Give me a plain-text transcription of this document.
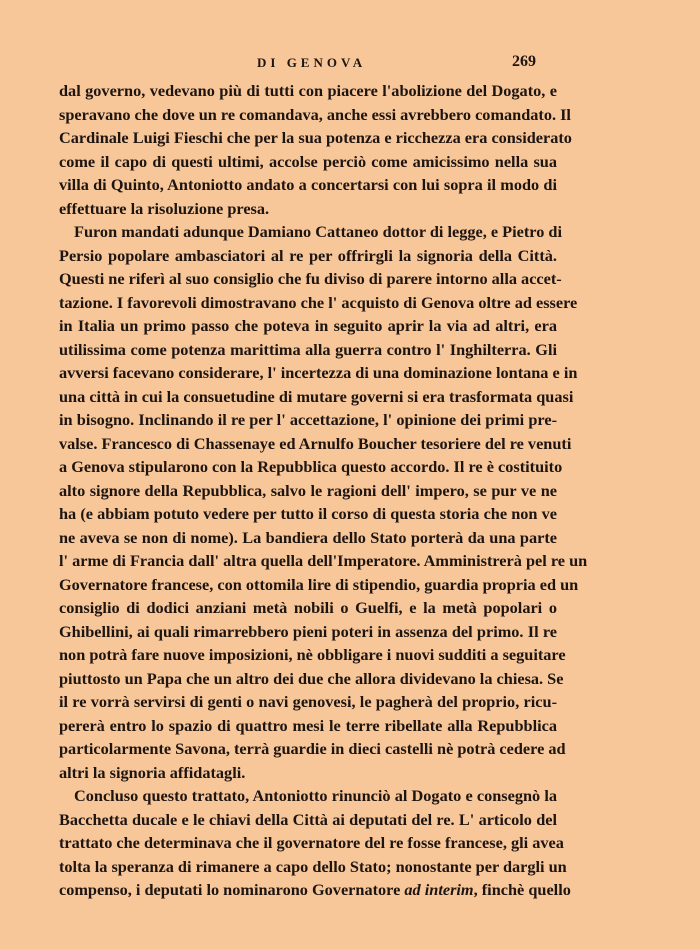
DI GENOVA	269
dal governo, vedevano più di tutti con piacere l'abolizione del Dogato, e
speravano che dove un re comandava, anche essi avrebbero comandato. Il
Cardinale Luigi Fieschi che per la sua potenza e ricchezza era considerato
come il capo di questi ultimi, accolse perciò come amicissimo nella sua
villa di Quinto, Antoniotto andato a concertarsi con lui sopra il modo di
effettuare la risoluzione presa.
Furon mandati adunque Damiano Cattaneo dottor di legge, e Pietro di
Persio popolare ambasciatori al re per offrirgli la signoria della Città.
Questi ne riferì al suo consiglio che fu diviso di parere intorno alla accet-
tazione. I favorevoli dimostravano che l' acquisto di Genova oltre ad essere
in Italia un primo passo che poteva in seguito aprir la via ad altri, era
utilissima come potenza marittima alla guerra contro l' Inghilterra. Gli
avversi facevano considerare, l' incertezza di una dominazione lontana e in
una città in cui la consuetudine di mutare governi si era trasformata quasi
in bisogno. Inclinando il re per l' accettazione, l' opinione dei primi pre-
valse. Francesco di Chassenaye ed Arnulfo Boucher tesoriere del re venuti
a Genova stipularono con la Repubblica questo accordo. Il re è costituito
alto signore della Repubblica, salvo le ragioni dell' impero, se pur ve ne
ha (e abbiam potuto vedere per tutto il corso di questa storia che non ve
ne aveva se non di nome). La bandiera dello Stato porterà da una parte
l' arme di Francia dall' altra quella dell'Imperatore. Amministrerà pel re un
Governatore francese, con ottomila lire di stipendio, guardia propria ed un
consiglio di dodici anziani metà nobili o Guelfi, e la metà popolari o
Ghibellini, ai quali rimarrebbero pieni poteri in assenza del primo. Il re
non potrà fare nuove imposizioni, nè obbligare i nuovi sudditi a seguitare
piuttosto un Papa che un altro dei due che allora dividevano la chiesa. Se
il re vorrà servirsi di genti o navi genovesi, le pagherà del proprio, ricu-
pererà entro lo spazio di quattro mesi le terre ribellate alla Repubblica
particolarmente Savona, terrà guardie in dieci castelli nè potrà cedere ad
altri la signoria affidatagli.
Concluso questo trattato, Antoniotto rinunciò al Dogato e consegnò la
Bacchetta ducale e le chiavi della Città ai deputati del re. L' articolo del
trattato che determinava che il governatore del re fosse francese, gli avea
tolta la speranza di rimanere a capo dello Stato; nonostante per dargli un
compenso, i deputati lo nominarono Governatore ad interim, finchè quello
